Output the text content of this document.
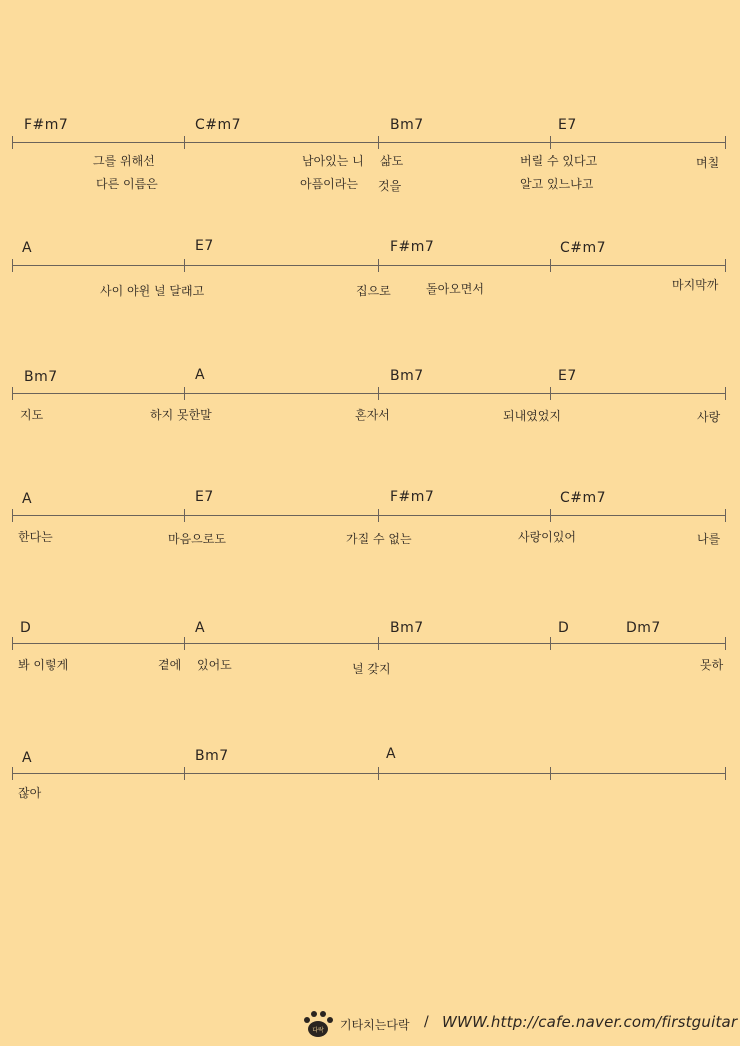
F#m7	C#m7	Bm7	E7
그를 위해선	남아있는 니 삶도	버릴 수 있다고	며칠
다른 이름은	아픔이라는 것을	알고 있느냐고
A	E7	F#m7	C#m7
사이 야윈 널 달래고	집으로	돌아오면서	마지막까
Bm7	A	Bm7	E7
지도	하지 못한말	혼자서	되내였었지	사랑
A	E7	F#m7	C#m7
한다는	마음으로도	가질 수 없는	사랑이있어	나를
D	A	Bm7	D	Dm7
봐 이렇게	곁에 있어도	널 갖지	못하
A	Bm7	A
잖아
다락 기타치는다락 / WWW.http://cafe.naver.com/firstguitar
